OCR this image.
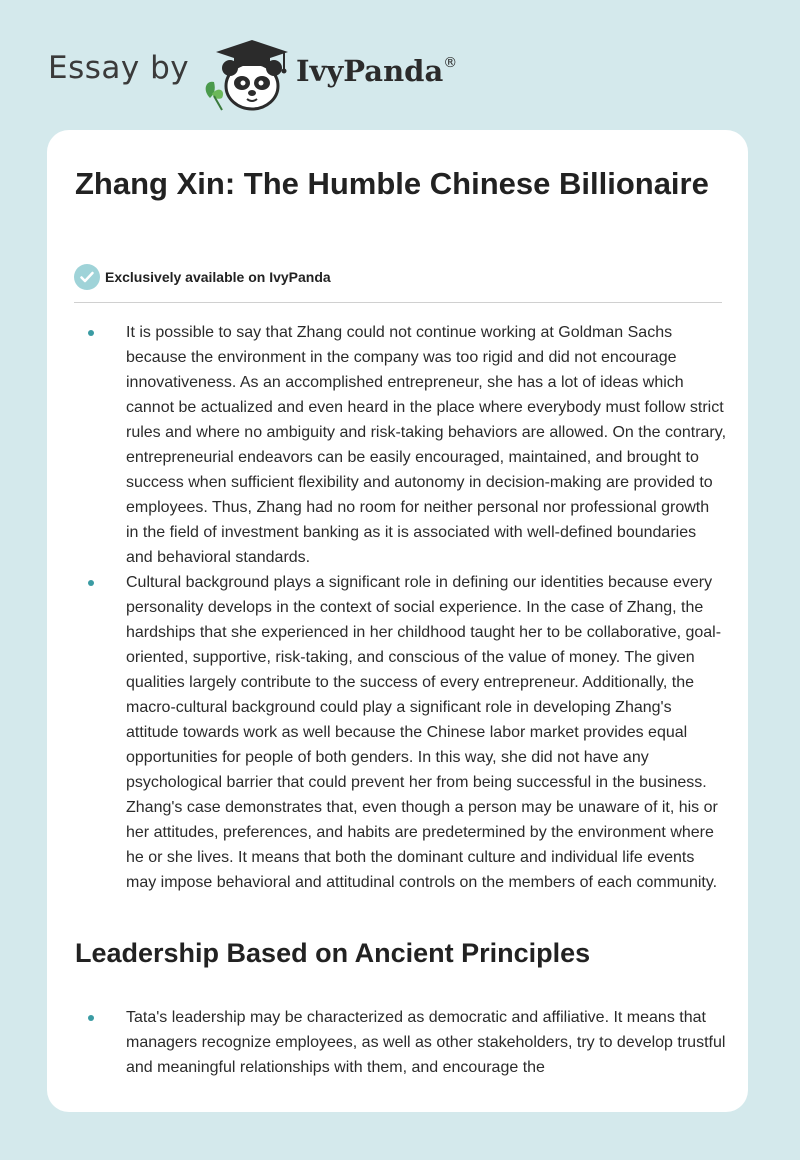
Essay by	IvyPanda®
Zhang Xin: The Humble Chinese Billionaire
Exclusively available on IvyPanda
It is possible to say that Zhang could not continue working at Goldman Sachs because the environment in the company was too rigid and did not encourage innovativeness. As an accomplished entrepreneur, she has a lot of ideas which cannot be actualized and even heard in the place where everybody must follow strict rules and where no ambiguity and risk-taking behaviors are allowed. On the contrary, entrepreneurial endeavors can be easily encouraged, maintained, and brought to success when sufficient flexibility and autonomy in decision-making are provided to employees. Thus, Zhang had no room for neither personal nor professional growth in the field of investment banking as it is associated with well-defined boundaries and behavioral standards.
Cultural background plays a significant role in defining our identities because every personality develops in the context of social experience. In the case of Zhang, the hardships that she experienced in her childhood taught her to be collaborative, goal-oriented, supportive, risk-taking, and conscious of the value of money. The given qualities largely contribute to the success of every entrepreneur. Additionally, the macro-cultural background could play a significant role in developing Zhang's attitude towards work as well because the Chinese labor market provides equal opportunities for people of both genders. In this way, she did not have any psychological barrier that could prevent her from being successful in the business. Zhang's case demonstrates that, even though a person may be unaware of it, his or her attitudes, preferences, and habits are predetermined by the environment where he or she lives. It means that both the dominant culture and individual life events may impose behavioral and attitudinal controls on the members of each community.
Leadership Based on Ancient Principles
Tata's leadership may be characterized as democratic and affiliative. It means that managers recognize employees, as well as other stakeholders, try to develop trustful and meaningful relationships with them, and encourage the
